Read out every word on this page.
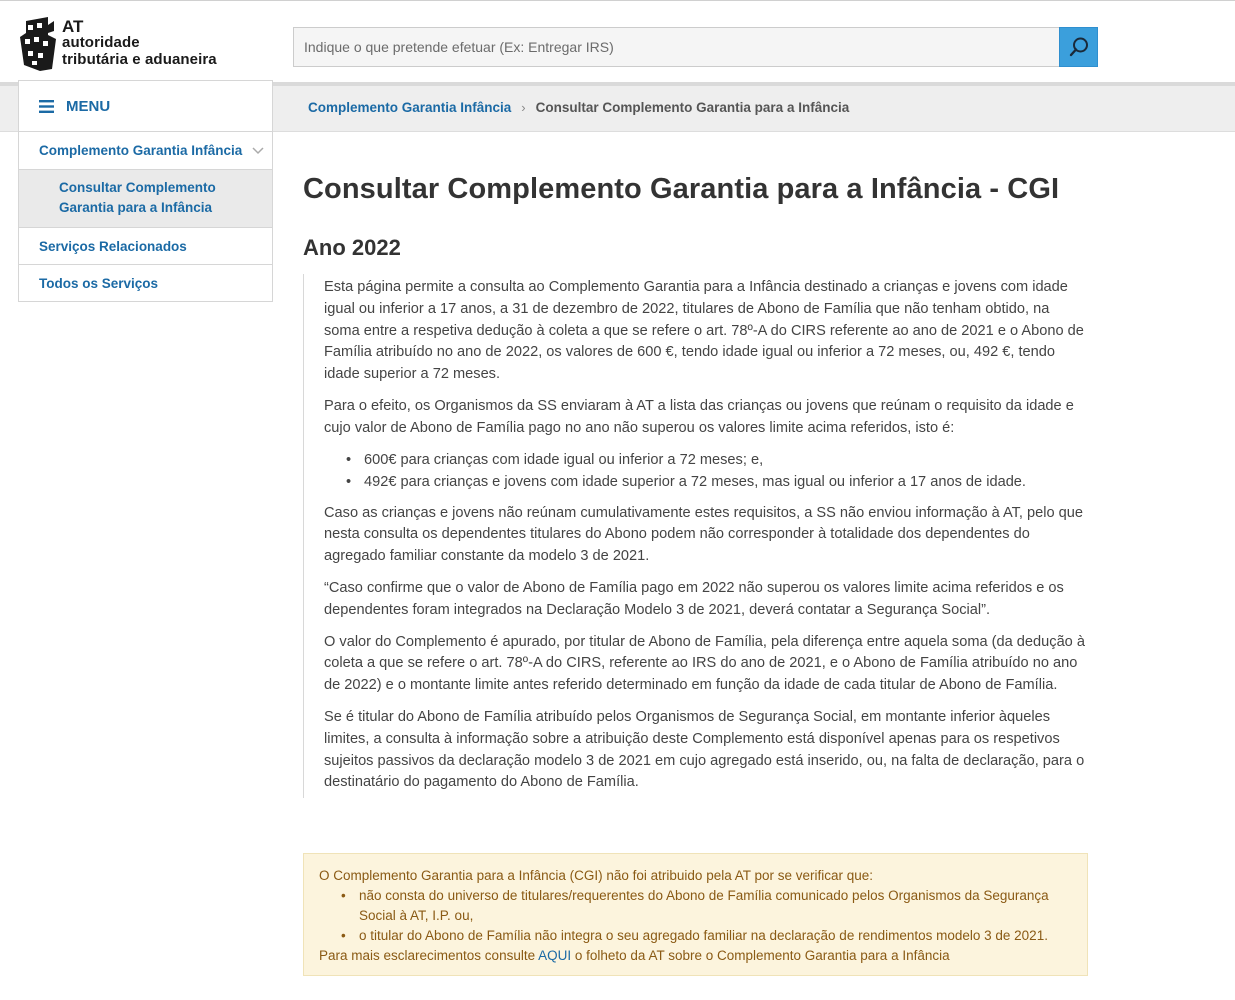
AT
autoridade
tributária e aduaneira
Indique o que pretende efetuar (Ex: Entregar IRS)
Complemento Garantia Infância › Consultar Complemento Garantia para a Infância
MENU
Complemento Garantia Infância
Consultar Complemento Garantia para a Infância
Serviços Relacionados
Todos os Serviços
Consultar Complemento Garantia para a Infância - CGI
Ano 2022

Esta página permite a consulta ao Complemento Garantia para a Infância destinado a crianças e jovens com idade igual ou inferior a 17 anos, a 31 de dezembro de 2022, titulares de Abono de Família que não tenham obtido, na soma entre a respetiva dedução à coleta a que se refere o art. 78º-A do CIRS referente ao ano de 2021 e o Abono de Família atribuído no ano de 2022, os valores de 600 €, tendo idade igual ou inferior a 72 meses, ou, 492 €, tendo idade superior a 72 meses.

Para o efeito, os Organismos da SS enviaram à AT a lista das crianças ou jovens que reúnam o requisito da idade e cujo valor de Abono de Família pago no ano não superou os valores limite acima referidos, isto é:

• 600€ para crianças com idade igual ou inferior a 72 meses; e,
• 492€ para crianças e jovens com idade superior a 72 meses, mas igual ou inferior a 17 anos de idade.

Caso as crianças e jovens não reúnam cumulativamente estes requisitos, a SS não enviou informação à AT, pelo que nesta consulta os dependentes titulares do Abono podem não corresponder à totalidade dos dependentes do agregado familiar constante da modelo 3 de 2021.

“Caso confirme que o valor de Abono de Família pago em 2022 não superou os valores limite acima referidos e os dependentes foram integrados na Declaração Modelo 3 de 2021, deverá contatar a Segurança Social”.

O valor do Complemento é apurado, por titular de Abono de Família, pela diferença entre aquela soma (da dedução à coleta a que se refere o art. 78º-A do CIRS, referente ao IRS do ano de 2021, e o Abono de Família atribuído no ano de 2022) e o montante limite antes referido determinado em função da idade de cada titular de Abono de Família.

Se é titular do Abono de Família atribuído pelos Organismos de Segurança Social, em montante inferior àqueles limites, a consulta à informação sobre a atribuição deste Complemento está disponível apenas para os respetivos sujeitos passivos da declaração modelo 3 de 2021 em cujo agregado está inserido, ou, na falta de declaração, para o destinatário do pagamento do Abono de Família.

O Complemento Garantia para a Infância (CGI) não foi atribuido pela AT por se verificar que:
• não consta do universo de titulares/requerentes do Abono de Família comunicado pelos Organismos da Segurança Social à AT, I.P. ou,
• o titular do Abono de Família não integra o seu agregado familiar na declaração de rendimentos modelo 3 de 2021.
Para mais esclarecimentos consulte AQUI o folheto da AT sobre o Complemento Garantia para a Infância
